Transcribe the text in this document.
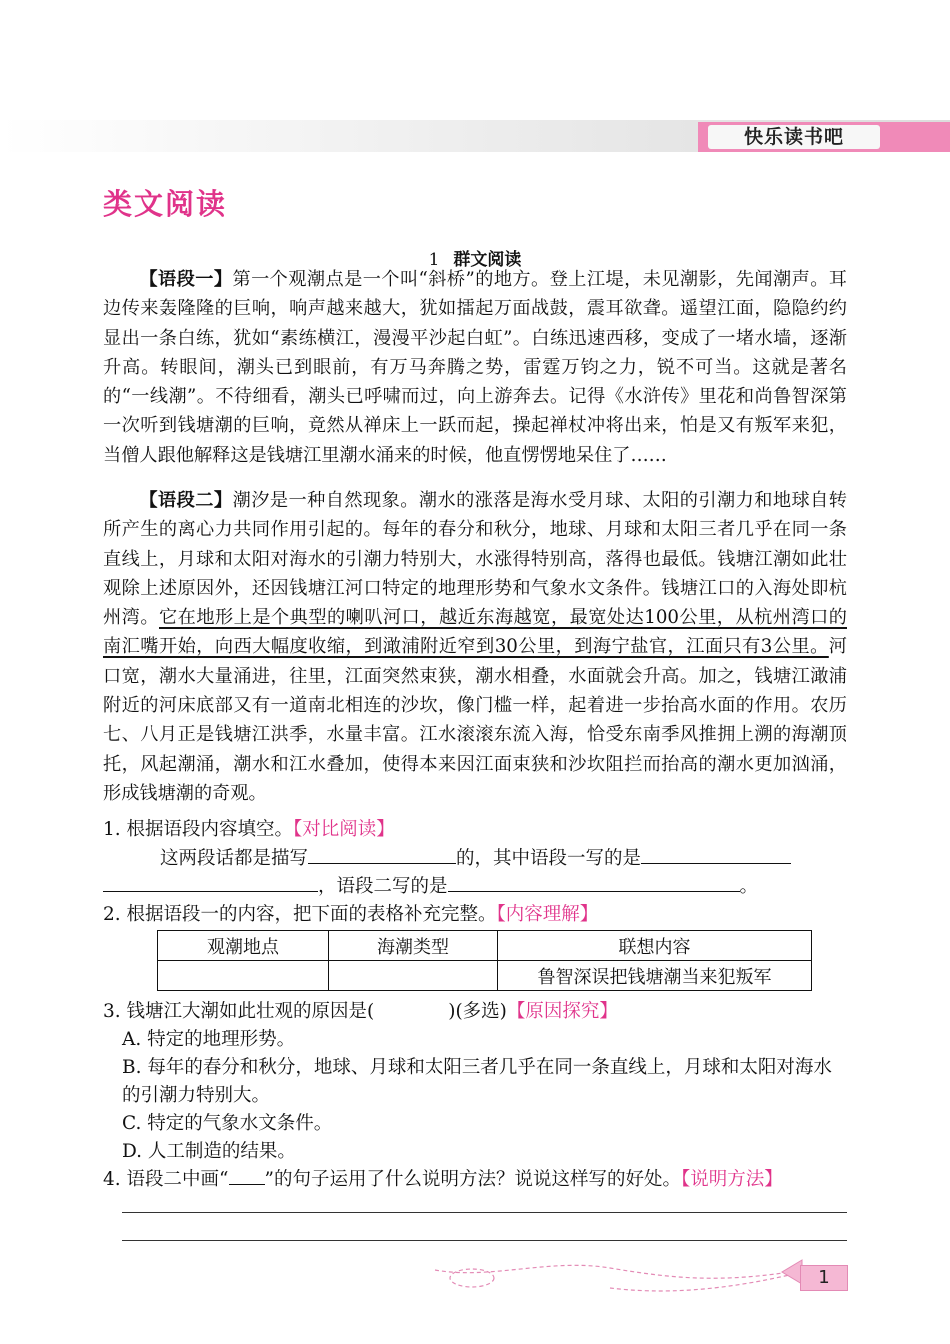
快乐读书吧
类文阅读
1 群文阅读

【语段一】第一个观潮点是一个叫“斜桥”的地方。登上江堤，未见潮影，先闻潮声。耳边传来轰隆隆的巨响，响声越来越大，犹如擂起万面战鼓，震耳欲聋。遥望江面，隐隐约约显出一条白练，犹如“素练横江，漫漫平沙起白虹”。白练迅速西移，变成了一堵水墙，逐渐升高。转眼间，潮头已到眼前，有万马奔腾之势，雷霆万钧之力，锐不可当。这就是著名的“一线潮”。不待细看，潮头已呼啸而过，向上游奔去。记得《水浒传》里花和尚鲁智深第一次听到钱塘潮的巨响，竟然从禅床上一跃而起，操起禅杖冲将出来，怕是又有叛军来犯，当僧人跟他解释这是钱塘江里潮水涌来的时候，他直愣愣地呆住了……

【语段二】潮汐是一种自然现象。潮水的涨落是海水受月球、太阳的引潮力和地球自转所产生的离心力共同作用引起的。每年的春分和秋分，地球、月球和太阳三者几乎在同一条直线上，月球和太阳对海水的引潮力特别大，水涨得特别高，落得也最低。钱塘江潮如此壮观除上述原因外，还因钱塘江河口特定的地理形势和气象水文条件。钱塘江口的入海处即杭州湾。它在地形上是个典型的喇叭河口，越近东海越宽，最宽处达100公里，从杭州湾口的南汇嘴开始，向西大幅度收缩，到澉浦附近窄到30公里，到海宁盐官，江面只有3公里。河口宽，潮水大量涌进，往里，江面突然束狭，潮水相叠，水面就会升高。加之，钱塘江澉浦附近的河床底部又有一道南北相连的沙坎，像门槛一样，起着进一步抬高水面的作用。农历七、八月正是钱塘江洪季，水量丰富。江水滚滚东流入海，恰受东南季风推拥上溯的海潮顶托，风起潮涌，潮水和江水叠加，使得本来因江面束狭和沙坎阻拦而抬高的潮水更加汹涌，形成钱塘潮的奇观。

1. 根据语段内容填空。【对比阅读】

这两段话都是描写	的，其中语段一写的是

，语段二写的是	。

2. 根据语段一的内容，把下面的表格补充完整。【内容理解】

观潮地点	海潮类型	联想内容
		鲁智深误把钱塘潮当来犯叛军

3. 钱塘江大潮如此壮观的原因是(　　　　)(多选)【原因探究】

A. 特定的地理形势。

B. 每年的春分和秋分，地球、月球和太阳三者几乎在同一条直线上，月球和太阳对海水的引潮力特别大。

C. 特定的气象水文条件。

D. 人工制造的结果。

4. 语段二中画“ ”的句子运用了什么说明方法？说说这样写的好处。【说明方法】

1
